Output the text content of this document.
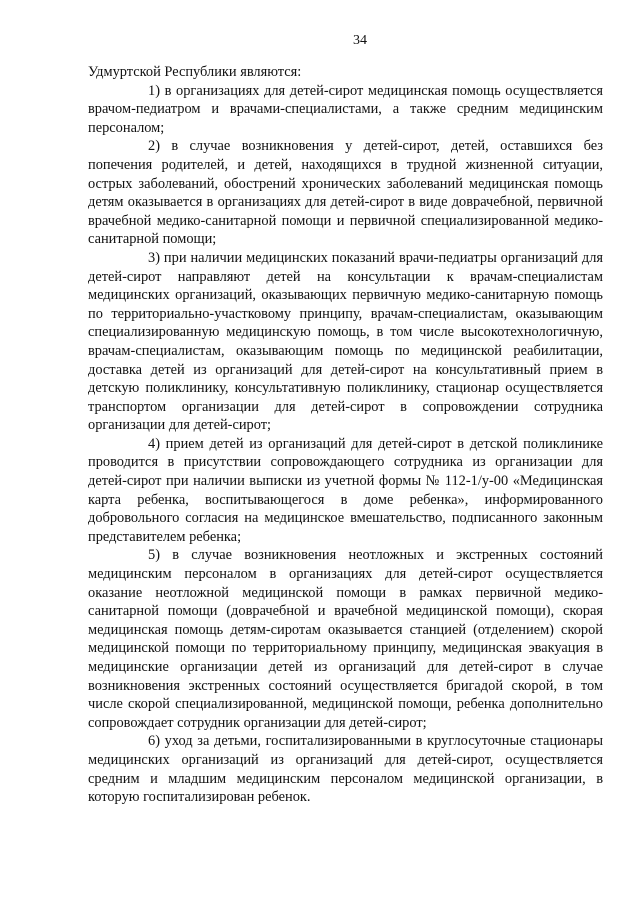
34

Удмуртской Республики являются:

1) в организациях для детей-сирот медицинская помощь осуществляется врачом-педиатром и врачами-специалистами, а также средним медицинским персоналом;

2) в случае возникновения у детей-сирот, детей, оставшихся без попечения родителей, и детей, находящихся в трудной жизненной ситуации, острых заболеваний, обострений хронических заболеваний медицинская помощь детям оказывается в организациях для детей-сирот в виде доврачебной, первичной врачебной медико-санитарной помощи и первичной специализированной медико-санитарной помощи;

3) при наличии медицинских показаний врачи-педиатры организаций для детей-сирот направляют детей на консультации к врачам-специалистам медицинских организаций, оказывающих первичную медико-санитарную помощь по территориально-участковому принципу, врачам-специалистам, оказывающим специализированную медицинскую помощь, в том числе высокотехнологичную, врачам-специалистам, оказывающим помощь по медицинской реабилитации, доставка детей из организаций для детей-сирот на консультативный прием в детскую поликлинику, консультативную поликлинику, стационар осуществляется транспортом организации для детей-сирот в сопровождении сотрудника организации для детей-сирот;

4) прием детей из организаций для детей-сирот в детской поликлинике проводится в присутствии сопровождающего сотрудника из организации для детей-сирот при наличии выписки из учетной формы № 112-1/у-00 «Медицинская карта ребенка, воспитывающегося в доме ребенка», информированного добровольного согласия на медицинское вмешательство, подписанного законным представителем ребенка;

5) в случае возникновения неотложных и экстренных состояний медицинским персоналом в организациях для детей-сирот осуществляется оказание неотложной медицинской помощи в рамках первичной медико-санитарной помощи (доврачебной и врачебной медицинской помощи), скорая медицинская помощь детям-сиротам оказывается станцией (отделением) скорой медицинской помощи по территориальному принципу, медицинская эвакуация в медицинские организации детей из организаций для детей-сирот в случае возникновения экстренных состояний осуществляется бригадой скорой, в том числе скорой специализированной, медицинской помощи, ребенка дополнительно сопровождает сотрудник организации для детей-сирот;

6) уход за детьми, госпитализированными в круглосуточные стационары медицинских организаций из организаций для детей-сирот, осуществляется средним и младшим медицинским персоналом медицинской организации, в которую госпитализирован ребенок.
